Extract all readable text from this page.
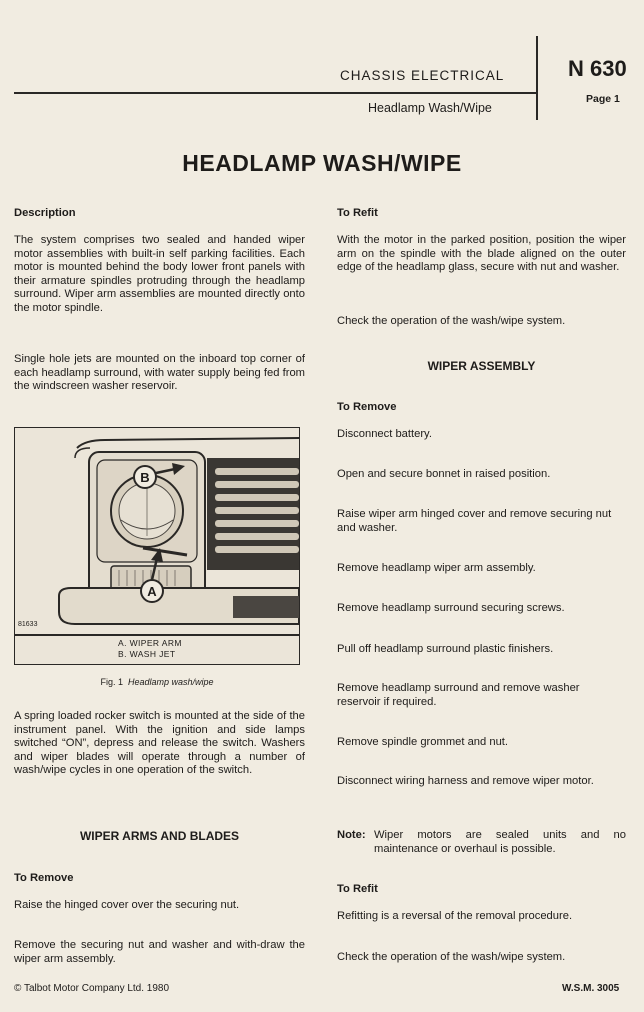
CHASSIS ELECTRICAL
Headlamp Wash/Wipe
N 630
Page 1
HEADLAMP WASH/WIPE
Description

The system comprises two sealed and handed wiper motor assemblies with built-in self parking facilities. Each motor is mounted behind the body lower front panels with their armature spindles protruding through the headlamp surround. Wiper arm assemblies are mounted directly onto the motor spindle.

Single hole jets are mounted on the inboard top corner of each headlamp surround, with water supply being fed from the windscreen washer reservoir.

B
A
81633
A. WIPER ARM
B. WASH JET
Fig. 1 Headlamp wash/wipe

A spring loaded rocker switch is mounted at the side of the instrument panel. With the ignition and side lamps switched “ON”, depress and release the switch. Washers and wiper blades will operate through a number of wash/wipe cycles in one operation of the switch.

WIPER ARMS AND BLADES
To Remove

Raise the hinged cover over the securing nut.

Remove the securing nut and washer and with-draw the wiper arm assembly.

© Talbot Motor Company Ltd. 1980
To Refit

With the motor in the parked position, position the wiper arm on the spindle with the blade aligned on the outer edge of the headlamp glass, secure with nut and washer.

Check the operation of the wash/wipe system.

WIPER ASSEMBLY
To Remove

Disconnect battery.

Open and secure bonnet in raised position.

Raise wiper arm hinged cover and remove securing nut and washer.

Remove headlamp wiper arm assembly.

Remove headlamp surround securing screws.

Pull off headlamp surround plastic finishers.

Remove headlamp surround and remove washer reservoir if required.

Remove spindle grommet and nut.

Disconnect wiring harness and remove wiper motor.

Note: Wiper motors are sealed units and no maintenance or overhaul is possible.
To Refit

Refitting is a reversal of the removal procedure.

Check the operation of the wash/wipe system.

W.S.M. 3005
